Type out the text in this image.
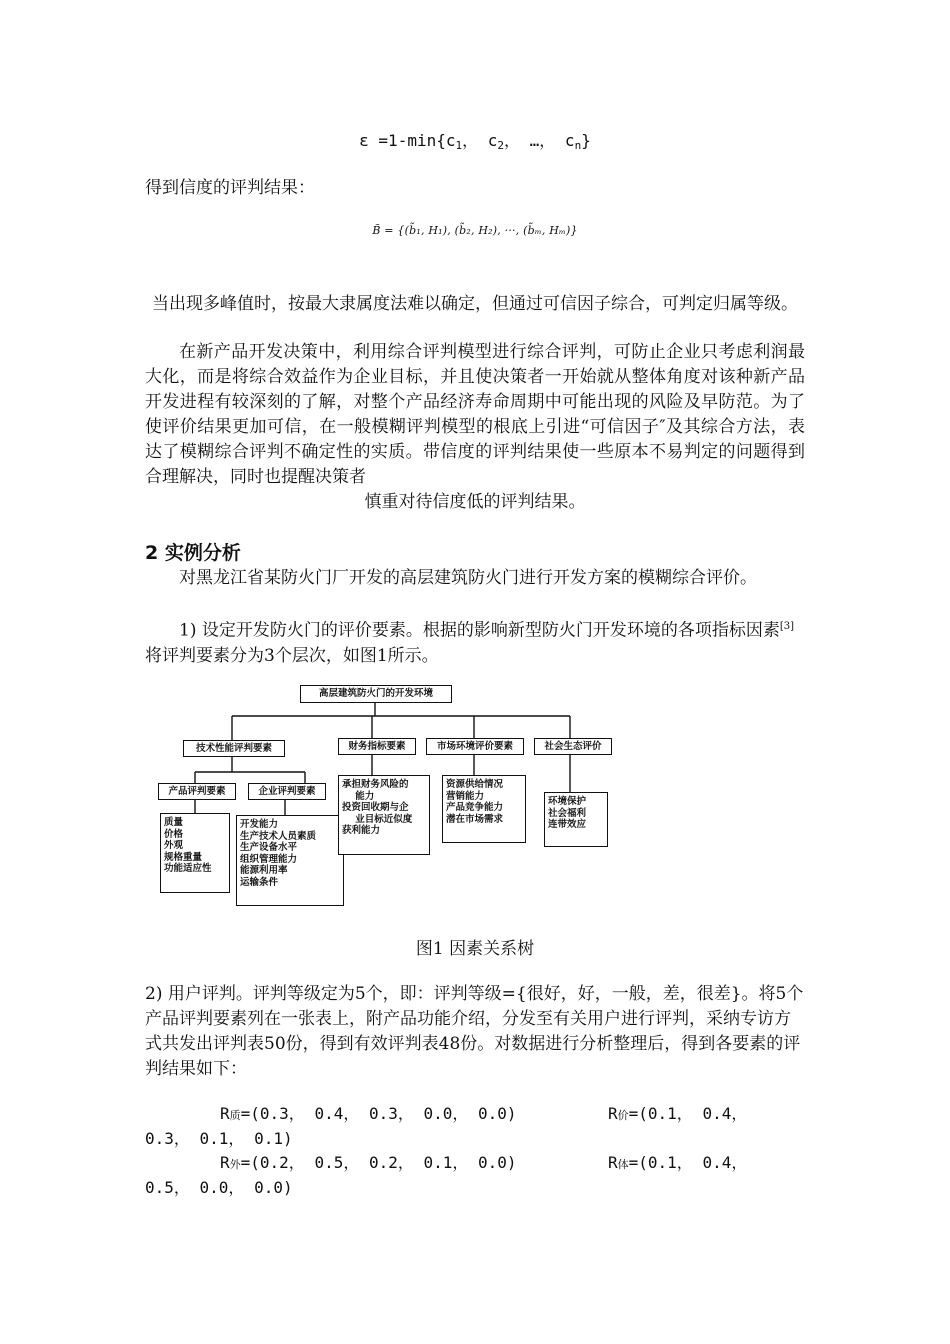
$\varepsilon =1-\min\{c_1$， $c_2$， …， $c_n$}
得到信度的评判结果：
B̃ = {(b̃₁, H₁), (b̃₂, H₂), ···, (b̃ₘ, Hₘ)}
当出现多峰值时，按最大隶属度法难以确定，但通过可信因子综合，可判定归属等级。
在新产品开发决策中，利用综合评判模型进行综合评判，可防止企业只考虑利润最大化，而是将综合效益作为企业目标，并且使决策者一开始就从整体角度对该种新产品开发进程有较深刻的了解，对整个产品经济寿命周期中可能出现的风险及早防范。为了使评价结果更加可信，在一般模糊评判模型的根底上引进“可信因子″及其综合方法，表达了模糊综合评判不确定性的实质。带信度的评判结果使一些原本不易判定的问题得到合理解决，同时也提醒决策者
慎重对待信度低的评判结果。
2 实例分析
对黑龙江省某防火门厂开发的高层建筑防火门进行开发方案的模糊综合评价。
1) 设定开发防火门的评价要素。根据的影响新型防火门开发环境的各项指标因素[3]将评判要素分为3个层次，如图1所示。
高层建筑防火门的开发环境
技术性能评判要素	财务指标要素	市场环境评价要素	社会生态评价
产品评判要素	企业评判要素
质量
价格
外观
规格重量
功能适应性
开发能力
生产技术人员素质
生产设备水平
组织管理能力
能源利用率
运输条件
承担财务风险的
能力
投资回收期与企
业目标近似度
获利能力
资源供给情况
营销能力
产品竞争能力
潜在市场需求
环境保护
社会福利
连带效应
图1 因素关系树
2) 用户评判。评判等级定为5个，即：评判等级={很好，好，一般，差，很差}。将5个产品评判要素列在一张表上，附产品功能介绍，分发至有关用户进行评判，采纳专访方式共发出评判表50份，得到有效评判表48份。对数据进行分析整理后，得到各要素的评判结果如下：
R质=(0.3， 0.4， 0.3， 0.0， 0.0)	R价=(0.1， 0.4，
0.3， 0.1， 0.1)
R外=(0.2， 0.5， 0.2， 0.1， 0.0)	R体=(0.1， 0.4，
0.5， 0.0， 0.0)
